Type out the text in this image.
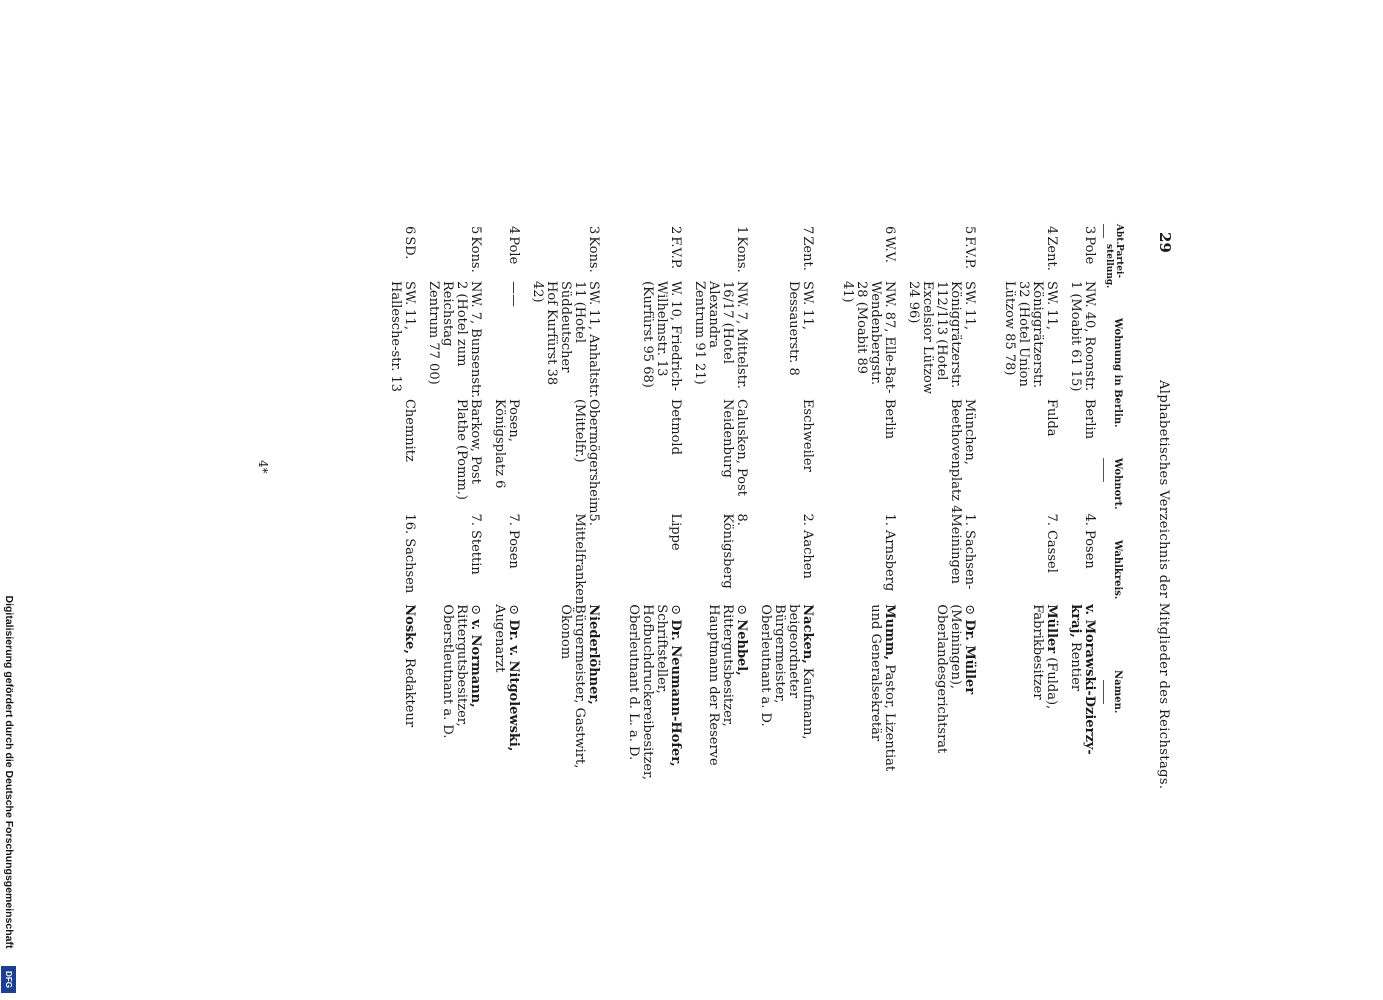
29
Alphabetisches Verzeichnis der Mitglieder des Reichstags.
Abt.
Partei-stellung.
Wohnung in Berlin.
Wohnort.
Wahlkreis.
Namen.
3	Pole	NW. 40, Roonstr. 1 (Moabit 61 15)	Berlin	4. Posen	v. Morawski-Dzierzy-kraj, Rentier

4	Zent.	SW. 11, Königgrätzerstr. 32 (Hotel Union Lützow 85 78)	Fulda	7. Cassel	Müller (Fulda), Fabrikbesitzer

5	F.V.P.	SW. 11, Königgrätzerstr. 112/113 (Hotel Excelsior Lützow 24 96)	München, Beethovenplatz 4	1. Sachsen-Meiningen	⊙ Dr. Müller (Meiningen), Oberlandesgerichtsrat

6	W.V.	NW. 87, Elle-Bat-Wendenbergstr. 28 (Moabit 89 41)	Berlin	1. Arnsberg	Mumm, Pastor, Lizentiat und Generalsekretär

7	Zent.	SW. 11, Dessauerstr. 8	Eschweiler	2. Aachen	Nacken, Kaufmann, beigeordneter Bürgermeister, Oberleutnant a. D.

1	Kons.	NW. 7, Mittelstr. 16/17 (Hotel Alexandra Zentrum 91 21)	Calusken, Post Neidenburg	8. Königsberg	⊙ Nehbel, Rittergutsbesitzer, Hauptmann der Reserve

2	F.V.P.	W. 10, Friedrich-Wilhelmstr. 13 (Kurfürst 95 68)	Detmold	Lippe	⊙ Dr. Neumann-Hofer, Schriftsteller, Hofbuchdruckereibesitzer, Oberleutnant d. L. a. D.

3	Kons.	SW. 11, Anhaltstr. 11 (Hotel Süddeutscher Hof Kurfürst 38 42)	Obermögersheim (Mittelfr.)	5. Mittelfranken	Niederlöhner, Bürgermeister, Gastwirt, Ökonom

4	Pole	——	Posen, Königsplatz 6	7. Posen	⊙ Dr. v. Nitgolewski, Augenarzt

5	Kons.	NW. 7, Bunsenstr. 2 (Hotel zum Reichstag Zentrum 77 00)	Barkow, Post Plathe (Pomm.)	7. Stettin	⊙ v. Normann, Rittergutsbesitzer, Oberstleutnant a. D.

6	SD.	SW. 11, Hallesche-str. 13	Chemnitz	16. Sachsen	Noske, Redakteur

4*
Digitalisierung gefördert durch die Deutsche Forschungsgemeinschaft
DFG
